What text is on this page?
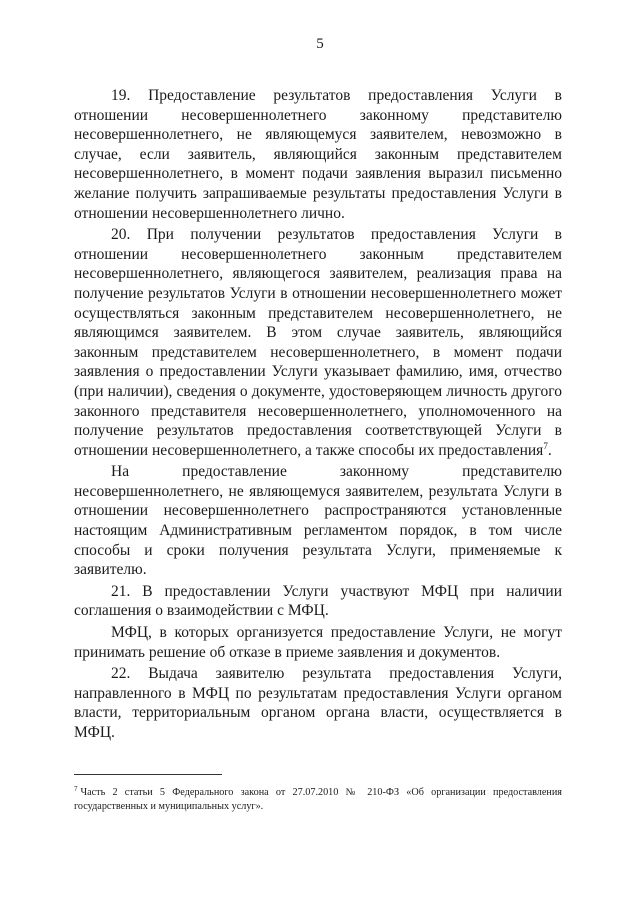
5

19. Предоставление результатов предоставления Услуги в отношении несовершеннолетнего законному представителю несовершеннолетнего, не являющемуся заявителем, невозможно в случае, если заявитель, являющийся законным представителем несовершеннолетнего, в момент подачи заявления выразил письменно желание получить запрашиваемые результаты предоставления Услуги в отношении несовершеннолетнего лично.

20. При получении результатов предоставления Услуги в отношении несовершеннолетнего законным представителем несовершеннолетнего, являющегося заявителем, реализация права на получение результатов Услуги в отношении несовершеннолетнего может осуществляться законным представителем несовершеннолетнего, не являющимся заявителем. В этом случае заявитель, являющийся законным представителем несовершеннолетнего, в момент подачи заявления о предоставлении Услуги указывает фамилию, имя, отчество (при наличии), сведения о документе, удостоверяющем личность другого законного представителя несовершеннолетнего, уполномоченного на получение результатов предоставления соответствующей Услуги в отношении несовершеннолетнего, а также способы их предоставления$^7$.

На предоставление законному представителю несовершеннолетнего, не являющемуся заявителем, результата Услуги в отношении несовершеннолетнего распространяются установленные настоящим Административным регламентом порядок, в том числе способы и сроки получения результата Услуги, применяемые к заявителю.

21. В предоставлении Услуги участвуют МФЦ при наличии соглашения о взаимодействии с МФЦ.

МФЦ, в которых организуется предоставление Услуги, не могут принимать решение об отказе в приеме заявления и документов.

22. Выдача заявителю результата предоставления Услуги, направленного в МФЦ по результатам предоставления Услуги органом власти, территориальным органом органа власти, осуществляется в МФЦ.

$^7$ Часть 2 статьи 5 Федерального закона от 27.07.2010 № 210-ФЗ «Об организации предоставления государственных и муниципальных услуг».
